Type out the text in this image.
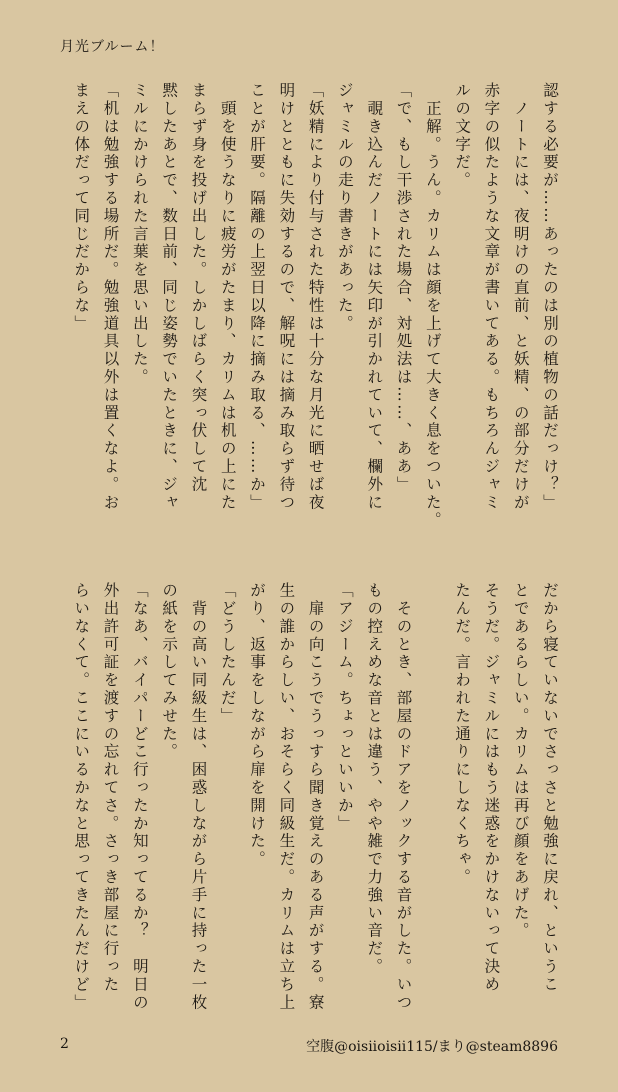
月光ブルーム！
認する必要が……あったのは別の植物の話だっけ？」
　ノートには、夜明けの直前、と妖精、の部分だけが
赤字の似たような文章が書いてある。もちろんジャミ
ルの文字だ。
　正解。うん。カリムは顔を上げて大きく息をついた。
「で、もし干渉された場合、対処法は……、ああ」
　覗き込んだノートには矢印が引かれていて、欄外に
ジャミルの走り書きがあった。
「妖精により付与された特性は十分な月光に晒せば夜
明けとともに失効するので、解呪には摘み取らず待つ
ことが肝要。隔離の上翌日以降に摘み取る、……か」
　頭を使うなりに疲労がたまり、カリムは机の上にた
まらず身を投げ出した。しかしばらく突っ伏して沈
黙したあとで、数日前、同じ姿勢でいたときに、ジャ
ミルにかけられた言葉を思い出した。
「机は勉強する場所だ。勉強道具以外は置くなよ。お
まえの体だって同じだからな」
だから寝ていないでさっさと勉強に戻れ、というこ
とであるらしい。カリムは再び顔をあげた。
そうだ。ジャミルにはもう迷惑をかけないって決め
たんだ。言われた通りにしなくちゃ。

　そのとき、部屋のドアをノックする音がした。いつ
もの控えめな音とは違う、やや雑で力強い音だ。
「アジーム。ちょっといいか」
　扉の向こうでうっすら聞き覚えのある声がする。寮
生の誰からしい、おそらく同級生だ。カリムは立ち上
がり、返事をしながら扉を開けた。
「どうしたんだ」
　背の高い同級生は、困惑しながら片手に持った一枚
の紙を示してみせた。
「なあ、バイパーどこ行ったか知ってるか？　明日の
外出許可証を渡すの忘れてさ。さっき部屋に行った
らいなくて。ここにいるかなと思ってきたんだけど」
2	空腹@oisiioisii115/まり@steam8896
